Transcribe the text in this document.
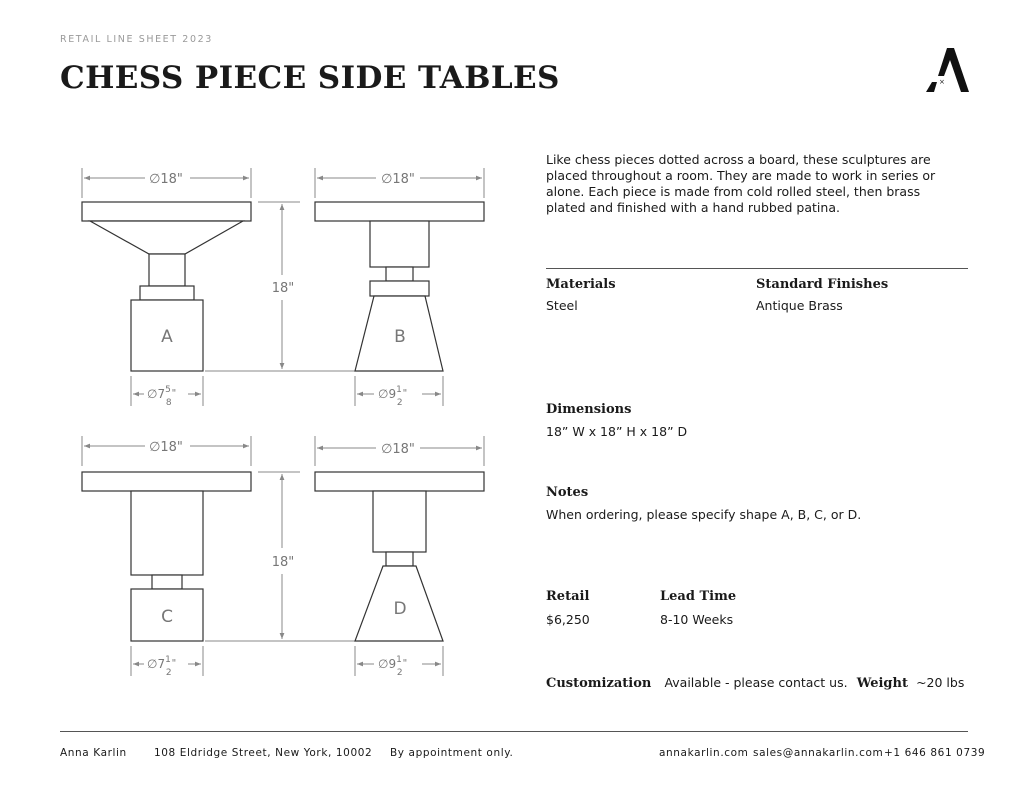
RETAIL LINE SHEET 2023
CHESS PIECE SIDE TABLES	×
∅18"	∅18"
∅18"	∅18"
18"
18"
A	B
C	D
$\emptyset 7^5$ 8"	$\emptyset 9^1$ 2"
$\emptyset 7^1$ 2"	$\emptyset 9^1$ 2"

Like chess pieces dotted across a board, these sculptures are placed throughout a room. They are made to work in series or alone. Each piece is made from cold rolled steel, then brass plated and finished with a hand rubbed patina.

Materials
Steel
Standard Finishes
Antique Brass
Dimensions
18” W x 18” H x 18” D
Notes
When ordering, please specify shape A, B, C, or D.
Retail
$6,250
Lead Time
8-10 Weeks
Customization Available - please contact us. Weight ~20 lbs
Anna Karlin	108 Eldridge Street, New York, 10002 By appointment only.	annakarlin.com sales@annakarlin.com +1 646 861 0739
